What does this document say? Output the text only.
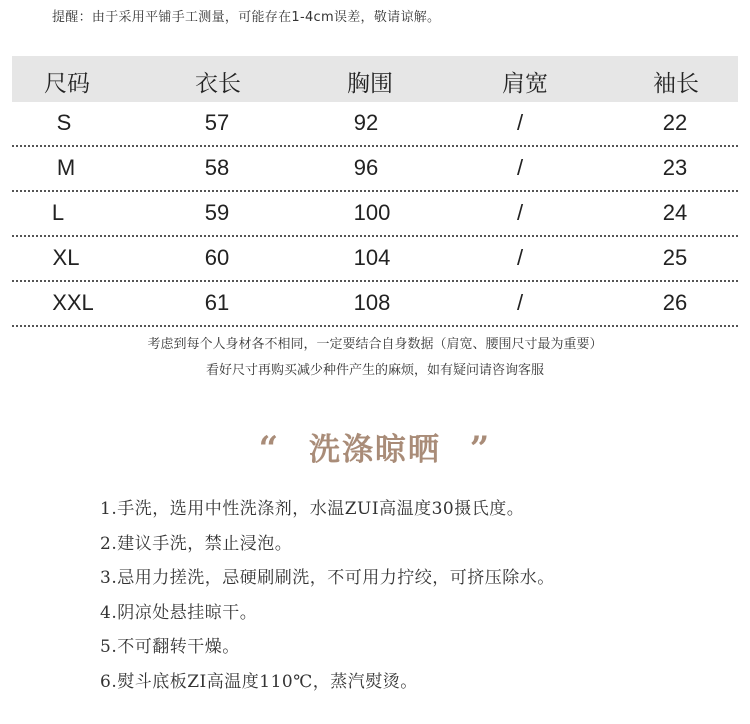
提醒：由于采用平铺手工测量，可能存在1-4cm误差，敬请谅解。
尺码	衣长	胸围	肩宽	袖长
S	57	92	/	22
M	58	96	/	23
L	59	100	/	24
XL	60	104	/	25
XXL	61	108	/	26
考虑到每个人身材各不相同，一定要结合自身数据（肩宽、腰围尺寸最为重要）
看好尺寸再购买减少种件产生的麻烦，如有疑问请咨询客服
“ 洗涤晾晒 ”
1.手洗，选用中性洗涤剂，水温ZUI高温度30摄氏度。
2.建议手洗，禁止浸泡。
3.忌用力搓洗，忌硬刷刷洗，不可用力拧绞，可挤压除水。
4.阴凉处悬挂晾干。
5.不可翻转干燥。
6.熨斗底板ZI高温度110℃，蒸汽熨烫。
